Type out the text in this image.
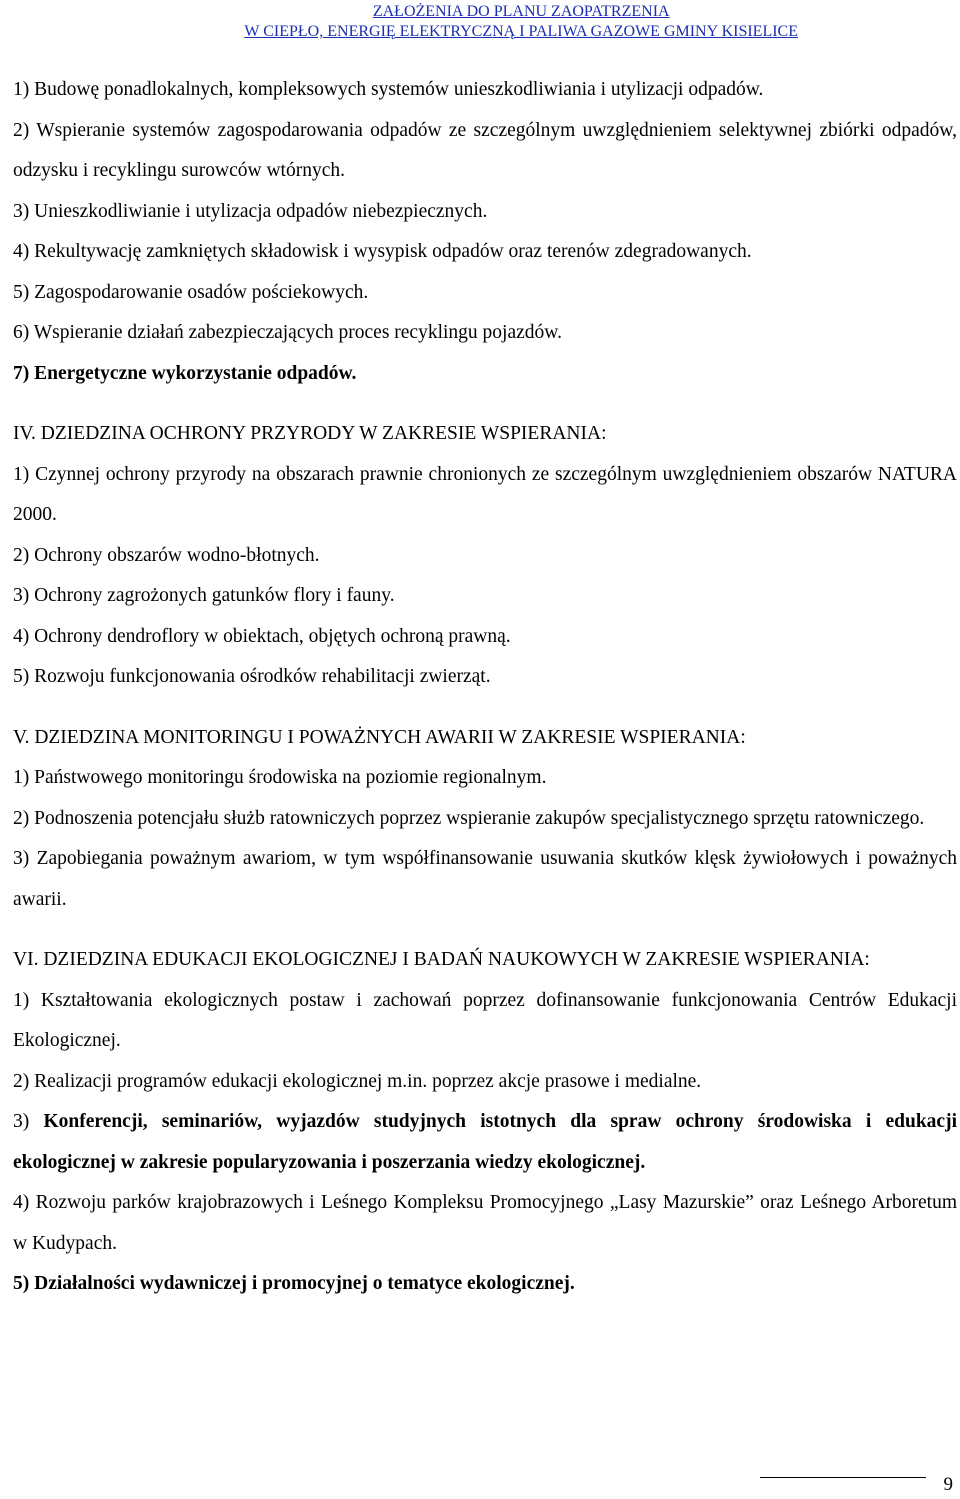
ZAŁOŻENIA DO PLANU ZAOPATRZENIA
W CIEPŁO, ENERGIĘ ELEKTRYCZNĄ I PALIWA GAZOWE GMINY KISIELICE

1) Budowę ponadlokalnych, kompleksowych systemów unieszkodliwiania i utylizacji odpadów.

2) Wspieranie systemów zagospodarowania odpadów ze szczególnym uwzględnieniem selektywnej zbiórki odpadów, odzysku i recyklingu surowców wtórnych.

3) Unieszkodliwianie i utylizacja odpadów niebezpiecznych.

4) Rekultywację zamkniętych składowisk i wysypisk odpadów oraz terenów zdegradowanych.

5) Zagospodarowanie osadów pościekowych.

6) Wspieranie działań zabezpieczających proces recyklingu pojazdów.

7) Energetyczne wykorzystanie odpadów.

IV. DZIEDZINA OCHRONY PRZYRODY W ZAKRESIE WSPIERANIA:

1) Czynnej ochrony przyrody na obszarach prawnie chronionych ze szczególnym uwzględnieniem obszarów NATURA 2000.

2) Ochrony obszarów wodno-błotnych.

3) Ochrony zagrożonych gatunków flory i fauny.

4) Ochrony dendroflory w obiektach, objętych ochroną prawną.

5) Rozwoju funkcjonowania ośrodków rehabilitacji zwierząt.

V. DZIEDZINA MONITORINGU I POWAŻNYCH AWARII W ZAKRESIE WSPIERANIA:

1) Państwowego monitoringu środowiska na poziomie regionalnym.

2) Podnoszenia potencjału służb ratowniczych poprzez wspieranie zakupów specjalistycznego sprzętu ratowniczego.

3) Zapobiegania poważnym awariom, w tym współfinansowanie usuwania skutków klęsk żywiołowych i poważnych awarii.

VI. DZIEDZINA EDUKACJI EKOLOGICZNEJ I BADAŃ NAUKOWYCH W ZAKRESIE WSPIERANIA:

1) Kształtowania ekologicznych postaw i zachowań poprzez dofinansowanie funkcjonowania Centrów Edukacji Ekologicznej.

2) Realizacji programów edukacji ekologicznej m.in. poprzez akcje prasowe i medialne.

3) Konferencji, seminariów, wyjazdów studyjnych istotnych dla spraw ochrony środowiska i edukacji ekologicznej w zakresie popularyzowania i poszerzania wiedzy ekologicznej.

4) Rozwoju parków krajobrazowych i Leśnego Kompleksu Promocyjnego „Lasy Mazurskie” oraz Leśnego Arboretum w Kudypach.

5) Działalności wydawniczej i promocyjnej o tematyce ekologicznej.

9
